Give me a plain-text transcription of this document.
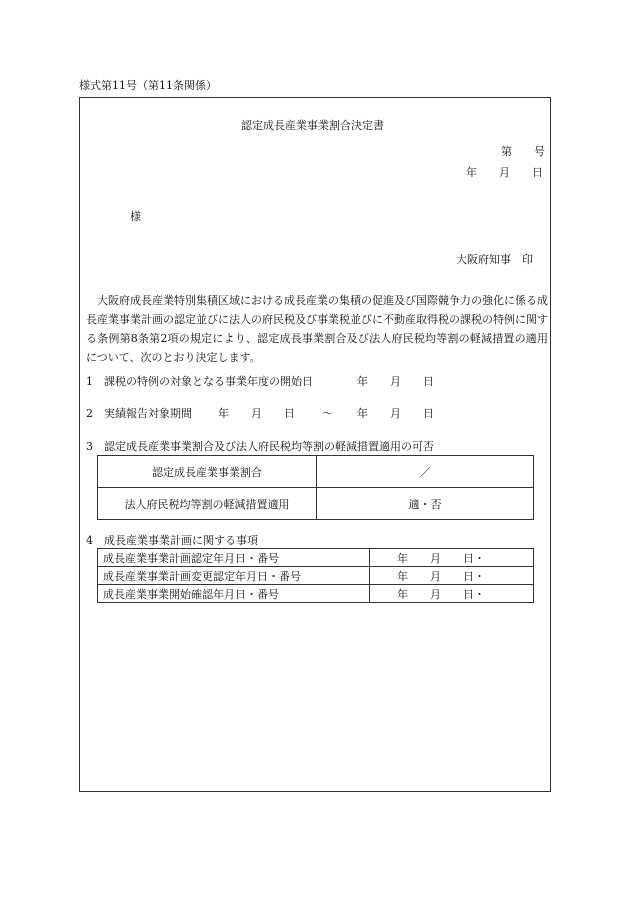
様式第11号（第11条関係）
認定成長産業事業割合決定書
第　　号
年　　月　　日
様
大阪府知事　印
大阪府成長産業特別集積区域における成長産業の集積の促進及び国際競争力の強化に係る成長産業事業計画の認定並びに法人の府民税及び事業税並びに不動産取得税の課税の特例に関する条例第8条第2項の規定により、認定成長事業割合及び法人府民税均等割の軽減措置の適用について、次のとおり決定します。
1　課税の特例の対象となる事業年度の開始日	年　　月　　日
2　実績報告対象期間 年　　月　　日 ～ 年　　月　　日
3　認定成長産業事業割合及び法人府民税均等割の軽減措置適用の可否
認定成長産業事業割合	／
法人府民税均等割の軽減措置適用	適・否
4　成長産業事業計画に関する事項
成長産業事業計画認定年月日・番号	年　　月　　日・
成長産業事業計画変更認定年月日・番号	年　　月　　日・
成長産業事業開始確認年月日・番号	年　　月　　日・
